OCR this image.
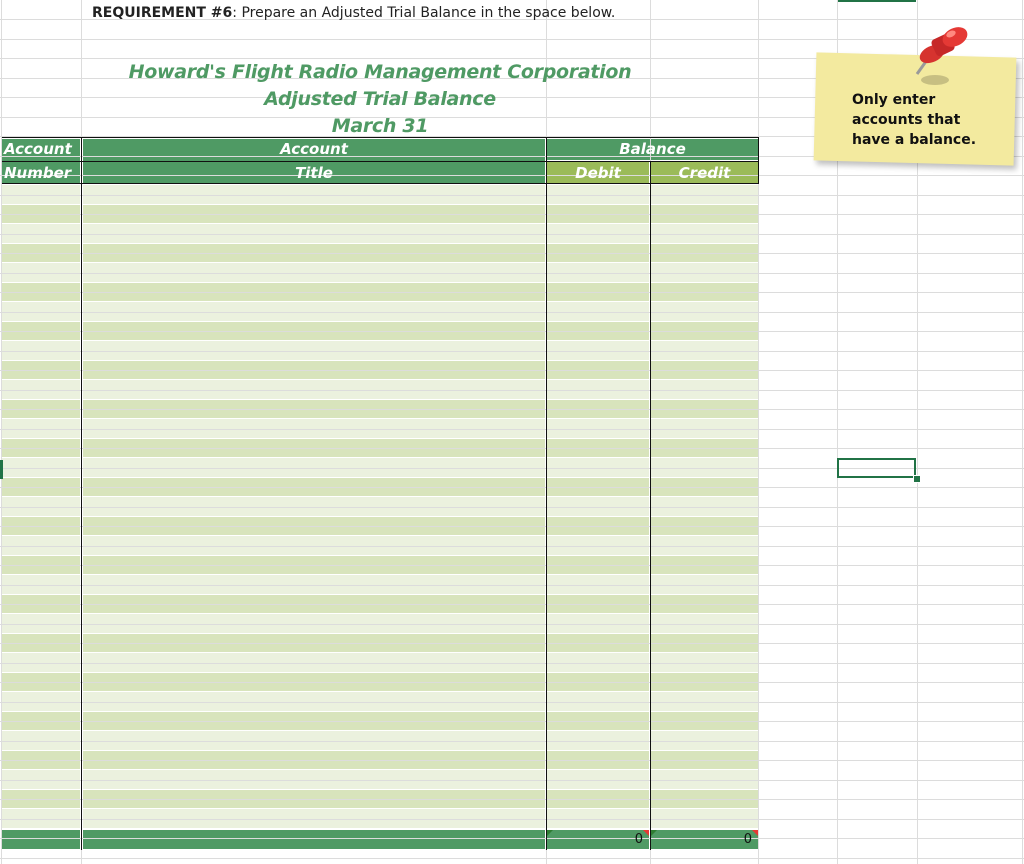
REQUIREMENT #6: Prepare an Adjusted Trial Balance in the space below.
Howard's Flight Radio Management Corporation
Adjusted Trial Balance
March 31
Account
Number
Account
Title
Balance
Debit	Credit
0	0
Only enter accounts that have a balance.
